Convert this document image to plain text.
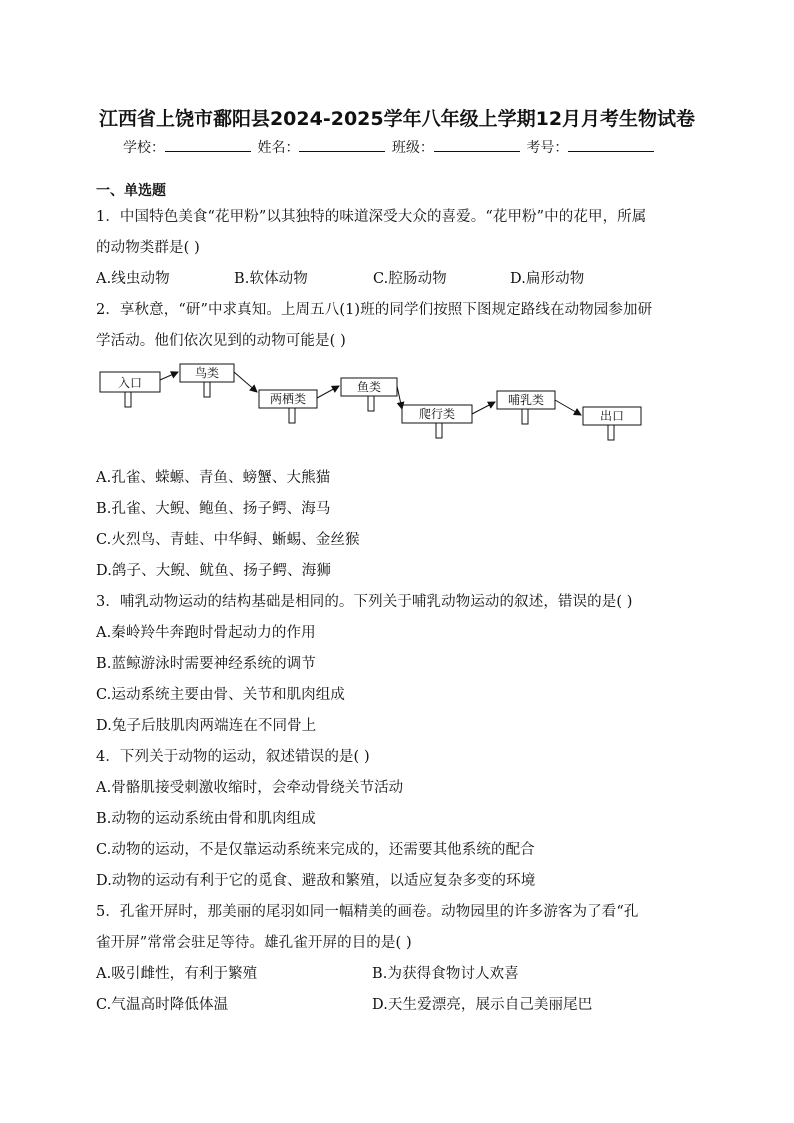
江西省上饶市鄱阳县2024-2025学年八年级上学期12月月考生物试卷
学校：	姓名：	班级：	考号：
一、单选题
1．中国特色美食“花甲粉”以其独特的味道深受大众的喜爱。“花甲粉”中的花甲，所属
的动物类群是( )
A.线虫动物	B.软体动物	C.腔肠动物	D.扁形动物
2．享秋意，“研”中求真知。上周五八(1)班的同学们按照下图规定路线在动物园参加研
学活动。他们依次见到的动物可能是( )
入口
鸟类
两栖类
鱼类
爬行类
哺乳类
出口
A.孔雀、蝾螈、青鱼、螃蟹、大熊猫
B.孔雀、大鲵、鲍鱼、扬子鳄、海马
C.火烈鸟、青蛙、中华鲟、蜥蜴、金丝猴
D.鸽子、大鲵、鱿鱼、扬子鳄、海狮
3．哺乳动物运动的结构基础是相同的。下列关于哺乳动物运动的叙述，错误的是( )
A.秦岭羚牛奔跑时骨起动力的作用
B.蓝鲸游泳时需要神经系统的调节
C.运动系统主要由骨、关节和肌肉组成
D.兔子后肢肌肉两端连在不同骨上
4．下列关于动物的运动，叙述错误的是( )
A.骨骼肌接受刺激收缩时，会牵动骨绕关节活动
B.动物的运动系统由骨和肌肉组成
C.动物的运动，不是仅靠运动系统来完成的，还需要其他系统的配合
D.动物的运动有利于它的觅食、避敌和繁殖，以适应复杂多变的环境
5．孔雀开屏时，那美丽的尾羽如同一幅精美的画卷。动物园里的许多游客为了看“孔
雀开屏”常常会驻足等待。雄孔雀开屏的目的是( )
A.吸引雌性，有利于繁殖	B.为获得食物讨人欢喜
C.气温高时降低体温	D.天生爱漂亮，展示自己美丽尾巴
